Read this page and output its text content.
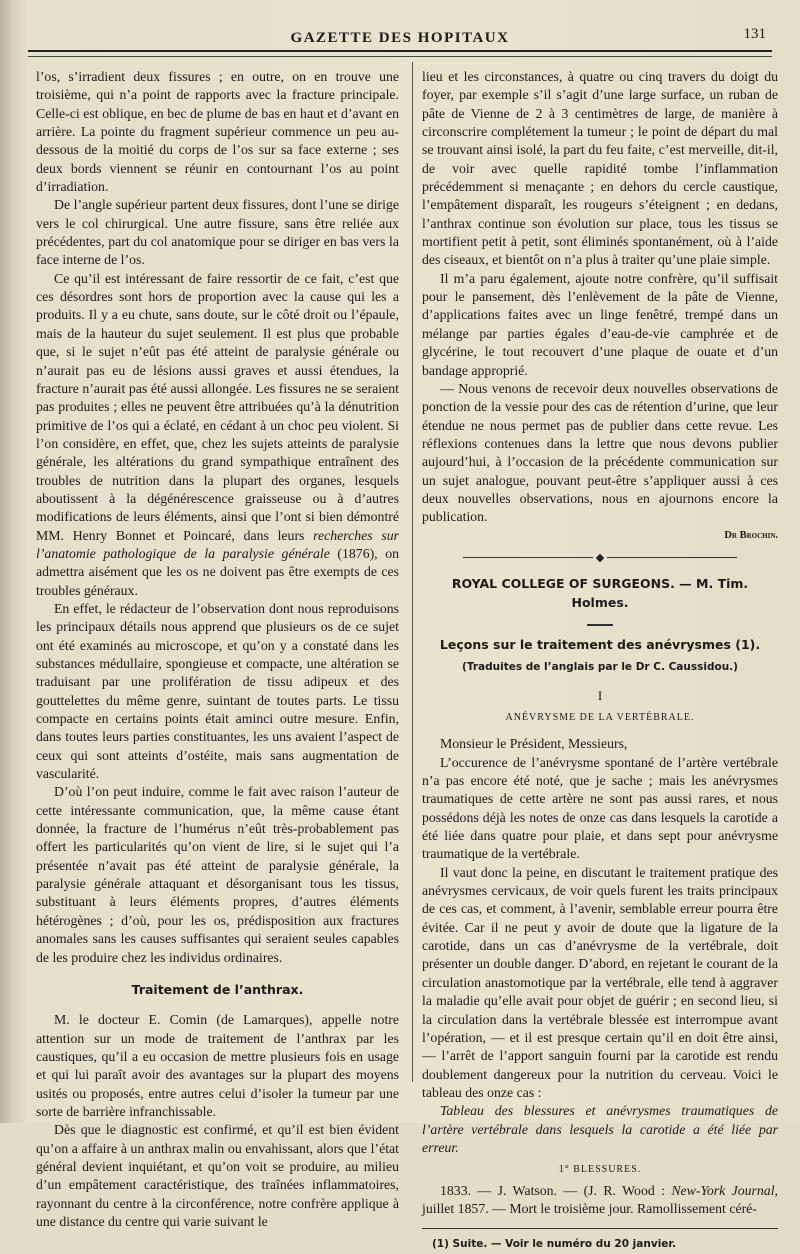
GAZETTE DES HOPITAUX	131

l’os, s’irradient deux fissures ; en outre, on en trouve une troisième, qui n’a point de rapports avec la fracture principale. Celle-ci est oblique, en bec de plume de bas en haut et d’avant en arrière. La pointe du fragment supérieur commence un peu au-dessous de la moitié du corps de l’os sur sa face externe ; ses deux bords viennent se réunir en contournant l’os au point d’irradiation.

De l’angle supérieur partent deux fissures, dont l’une se dirige vers le col chirurgical. Une autre fissure, sans être reliée aux précédentes, part du col anatomique pour se diriger en bas vers la face interne de l’os.

Ce qu’il est intéressant de faire ressortir de ce fait, c’est que ces désordres sont hors de proportion avec la cause qui les a produits. Il y a eu chute, sans doute, sur le côté droit ou l’épaule, mais de la hauteur du sujet seulement. Il est plus que probable que, si le sujet n’eût pas été atteint de paralysie générale ou n’aurait pas eu de lésions aussi graves et aussi étendues, la fracture n’aurait pas été aussi allongée. Les fissures ne se seraient pas produites ; elles ne peuvent être attribuées qu’à la dénutrition primitive de l’os qui a éclaté, en cédant à un choc peu violent. Si l’on considère, en effet, que, chez les sujets atteints de paralysie générale, les altérations du grand sympathique entraînent des troubles de nutrition dans la plupart des organes, lesquels aboutissent à la dégénérescence graisseuse ou à d’autres modifications de leurs éléments, ainsi que l’ont si bien démontré MM. Henry Bonnet et Poincaré, dans leurs recherches sur l’anatomie pathologique de la paralysie générale (1876), on admettra aisément que les os ne doivent pas être exempts de ces troubles généraux.

En effet, le rédacteur de l’observation dont nous reproduisons les principaux détails nous apprend que plusieurs os de ce sujet ont été examinés au microscope, et qu’on y a constaté dans les substances médullaire, spongieuse et compacte, une altération se traduisant par une prolifération de tissu adipeux et des gouttelettes du même genre, suintant de toutes parts. Le tissu compacte en certains points était aminci outre mesure. Enfin, dans toutes leurs parties constituantes, les uns avaient l’aspect de ceux qui sont atteints d’ostéite, mais sans augmentation de vascularité.

D’où l’on peut induire, comme le fait avec raison l’auteur de cette intéressante communication, que, la même cause étant donnée, la fracture de l’humérus n’eût très-probablement pas offert les particularités qu’on vient de lire, si le sujet qui l’a présentée n’avait pas été atteint de paralysie générale, la paralysie générale attaquant et désorganisant tous les tissus, substituant à leurs éléments propres, d’autres éléments hétérogènes ; d’où, pour les os, prédisposition aux fractures anomales sans les causes suffisantes qui seraient seules capables de les produire chez les individus ordinaires.

Traitement de l’anthrax.

M. le docteur E. Comin (de Lamarques), appelle notre attention sur un mode de traitement de l’anthrax par les caustiques, qu’il a eu occasion de mettre plusieurs fois en usage et qui lui paraît avoir des avantages sur la plupart des moyens usités ou proposés, entre autres celui d’isoler la tumeur par une sorte de barrière infranchissable.

Dès que le diagnostic est confirmé, et qu’il est bien évident qu’on a affaire à un anthrax malin ou envahissant, alors que l’état général devient inquiétant, et qu’on voit se produire, au milieu d’un empâtement caractéristique, des traînées inflammatoires, rayonnant du centre à la circonférence, notre confrère applique à une distance du centre qui varie suivant le

lieu et les circonstances, à quatre ou cinq travers du doigt du foyer, par exemple s’il s’agit d’une large surface, un ruban de pâte de Vienne de 2 à 3 centimètres de large, de manière à circonscrire complétement la tumeur ; le point de départ du mal se trouvant ainsi isolé, la part du feu faite, c’est merveille, dit-il, de voir avec quelle rapidité tombe l’inflammation précédemment si menaçante ; en dehors du cercle caustique, l’empâtement disparaît, les rougeurs s’éteignent ; en dedans, l’anthrax continue son évolution sur place, tous les tissus se mortifient petit à petit, sont éliminés spontanément, où à l’aide des ciseaux, et bientôt on n’a plus à traiter qu’une plaie simple.

Il m’a paru également, ajoute notre confrère, qu’il suffisait pour le pansement, dès l’enlèvement de la pâte de Vienne, d’applications faites avec un linge fenêtré, trempé dans un mélange par parties égales d’eau-de-vie camphrée et de glycérine, le tout recouvert d’une plaque de ouate et d’un bandage approprié.

— Nous venons de recevoir deux nouvelles observations de ponction de la vessie pour des cas de rétention d’urine, que leur étendue ne nous permet pas de publier dans cette revue. Les réflexions contenues dans la lettre que nous devons publier aujourd’hui, à l’occasion de la précédente communication sur un sujet analogue, pouvant peut-être s’appliquer aussi à ces deux nouvelles observations, nous en ajournons encore la publication.

Dr Brochin.
ROYAL COLLEGE OF SURGEONS. — M. Tim. Holmes.
Leçons sur le traitement des anévrysmes (1).
(Traduites de l’anglais par le Dr C. Caussidou.)
I
ANÉVRYSME DE LA VERTÉBRALE.

Monsieur le Président, Messieurs,

L’occurence de l’anévrysme spontané de l’artère vertébrale n’a pas encore été noté, que je sache ; mais les anévrysmes traumatiques de cette artère ne sont pas aussi rares, et nous possédons déjà les notes de onze cas dans lesquels la carotide a été liée dans quatre pour plaie, et dans sept pour anévrysme traumatique de la vertébrale.

Il vaut donc la peine, en discutant le traitement pratique des anévrysmes cervicaux, de voir quels furent les traits principaux de ces cas, et comment, à l’avenir, semblable erreur pourra être évitée. Car il ne peut y avoir de doute que la ligature de la carotide, dans un cas d’anévrysme de la vertébrale, doit présenter un double danger. D’abord, en rejetant le courant de la circulation anastomotique par la vertébrale, elle tend à aggraver la maladie qu’elle avait pour objet de guérir ; en second lieu, si la circulation dans la vertébrale blessée est interrompue avant l’opération, — et il est presque certain qu’il en doit être ainsi, — l’arrêt de l’apport sanguin fourni par la carotide est rendu doublement dangereux pour la nutrition du cerveau. Voici le tableau des onze cas :

Tableau des blessures et anévrysmes traumatiques de l’artère vertébrale dans lesquels la carotide a été liée par erreur.

1° BLESSURES.

1833. — J. Watson. — (J. R. Wood : New-York Journal, juillet 1857. — Mort le troisième jour. Ramollissement céré-

(1) Suite. — Voir le numéro du 20 janvier.
